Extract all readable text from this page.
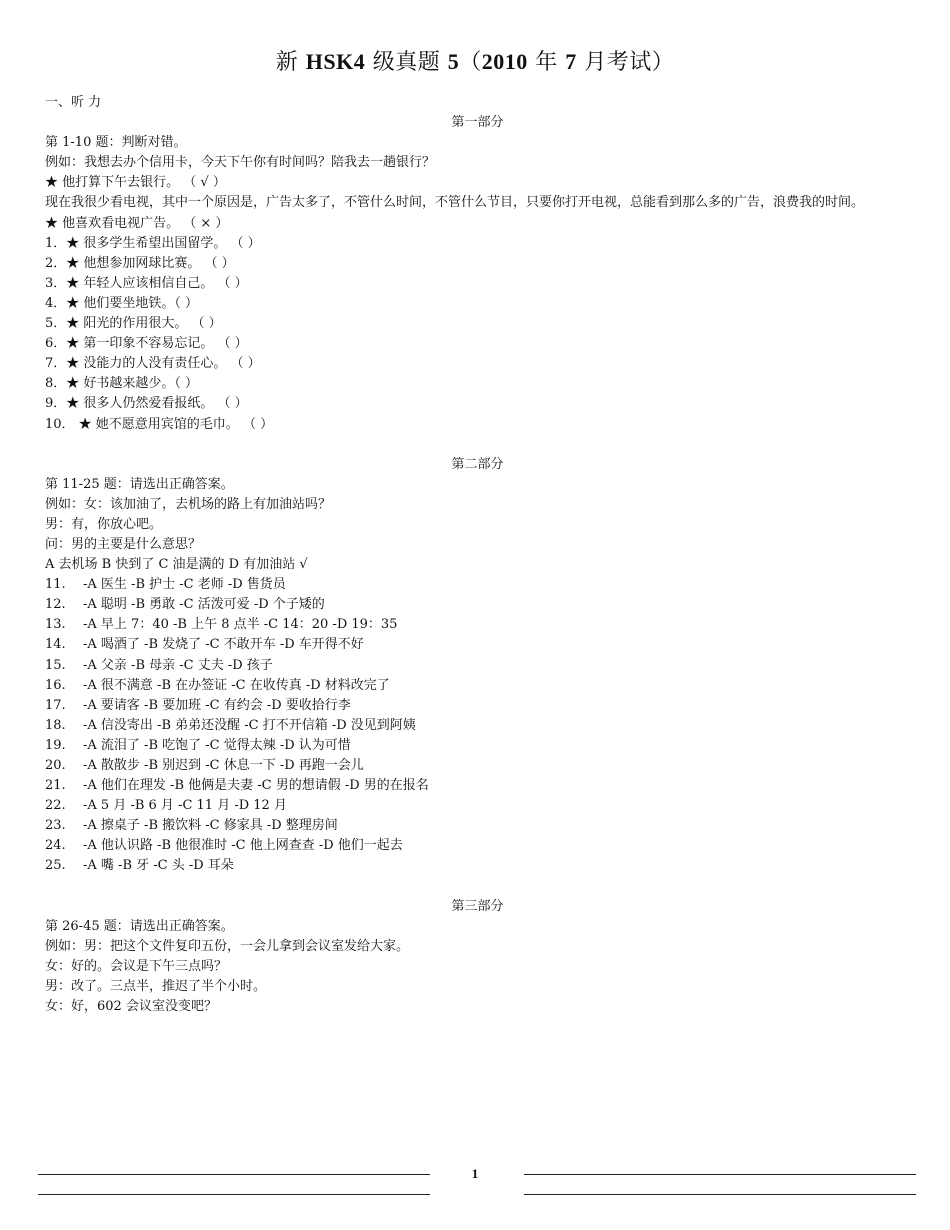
新 HSK4 级真题 5（2010 年 7 月考试）
一、听 力
第一部分
第 1-10 题：判断对错。
例如：我想去办个信用卡，今天下午你有时间吗？陪我去一趟银行？
★ 他打算下午去银行。 （ √ ）
现在我很少看电视，其中一个原因是，广告太多了，不管什么时间，不管什么节目，只要你打开电视，总能看到那么多的广告，浪费我的时间。
★ 他喜欢看电视广告。 （ × ）
1．★ 很多学生希望出国留学。 （ ）
2．★ 他想参加网球比赛。 （ ）
3．★ 年轻人应该相信自己。 （ ）
4．★ 他们要坐地铁。（ ）
5．★ 阳光的作用很大。 （ ）
6．★ 第一印象不容易忘记。 （ ）
7．★ 没能力的人没有责任心。 （ ）
8．★ 好书越来越少。（ ）
9．★ 很多人仍然爱看报纸。 （ ）
10． ★ 她不愿意用宾馆的毛巾。 （ ）
第二部分
第 11-25 题：请选出正确答案。
例如：女：该加油了，去机场的路上有加油站吗？
男：有，你放心吧。
问：男的主要是什么意思？
A 去机场 B 快到了 C 油是满的 D 有加油站 √
11. -A 医生 -B 护士 -C 老师 -D 售货员
12. -A 聪明 -B 勇敢 -C 活泼可爱 -D 个子矮的
13. -A 早上 7：40 -B 上午 8 点半 -C 14：20 -D 19：35
14. -A 喝酒了 -B 发烧了 -C 不敢开车 -D 车开得不好
15. -A 父亲 -B 母亲 -C 丈夫 -D 孩子
16. -A 很不满意 -B 在办签证 -C 在收传真 -D 材料改完了
17. -A 要请客 -B 要加班 -C 有约会 -D 要收拾行李
18. -A 信没寄出 -B 弟弟还没醒 -C 打不开信箱 -D 没见到阿姨
19. -A 流泪了 -B 吃饱了 -C 觉得太辣 -D 认为可惜
20. -A 散散步 -B 别迟到 -C 休息一下 -D 再跑一会儿
21. -A 他们在理发 -B 他俩是夫妻 -C 男的想请假 -D 男的在报名
22. -A 5 月 -B 6 月 -C 11 月 -D 12 月
23. -A 擦桌子 -B 搬饮料 -C 修家具 -D 整理房间
24. -A 他认识路 -B 他很准时 -C 他上网查查 -D 他们一起去
25. -A 嘴 -B 牙 -C 头 -D 耳朵
第三部分
第 26-45 题：请选出正确答案。
例如：男：把这个文件复印五份，一会儿拿到会议室发给大家。
女：好的。会议是下午三点吗？
男：改了。三点半，推迟了半个小时。
女：好，602 会议室没变吧？
1
